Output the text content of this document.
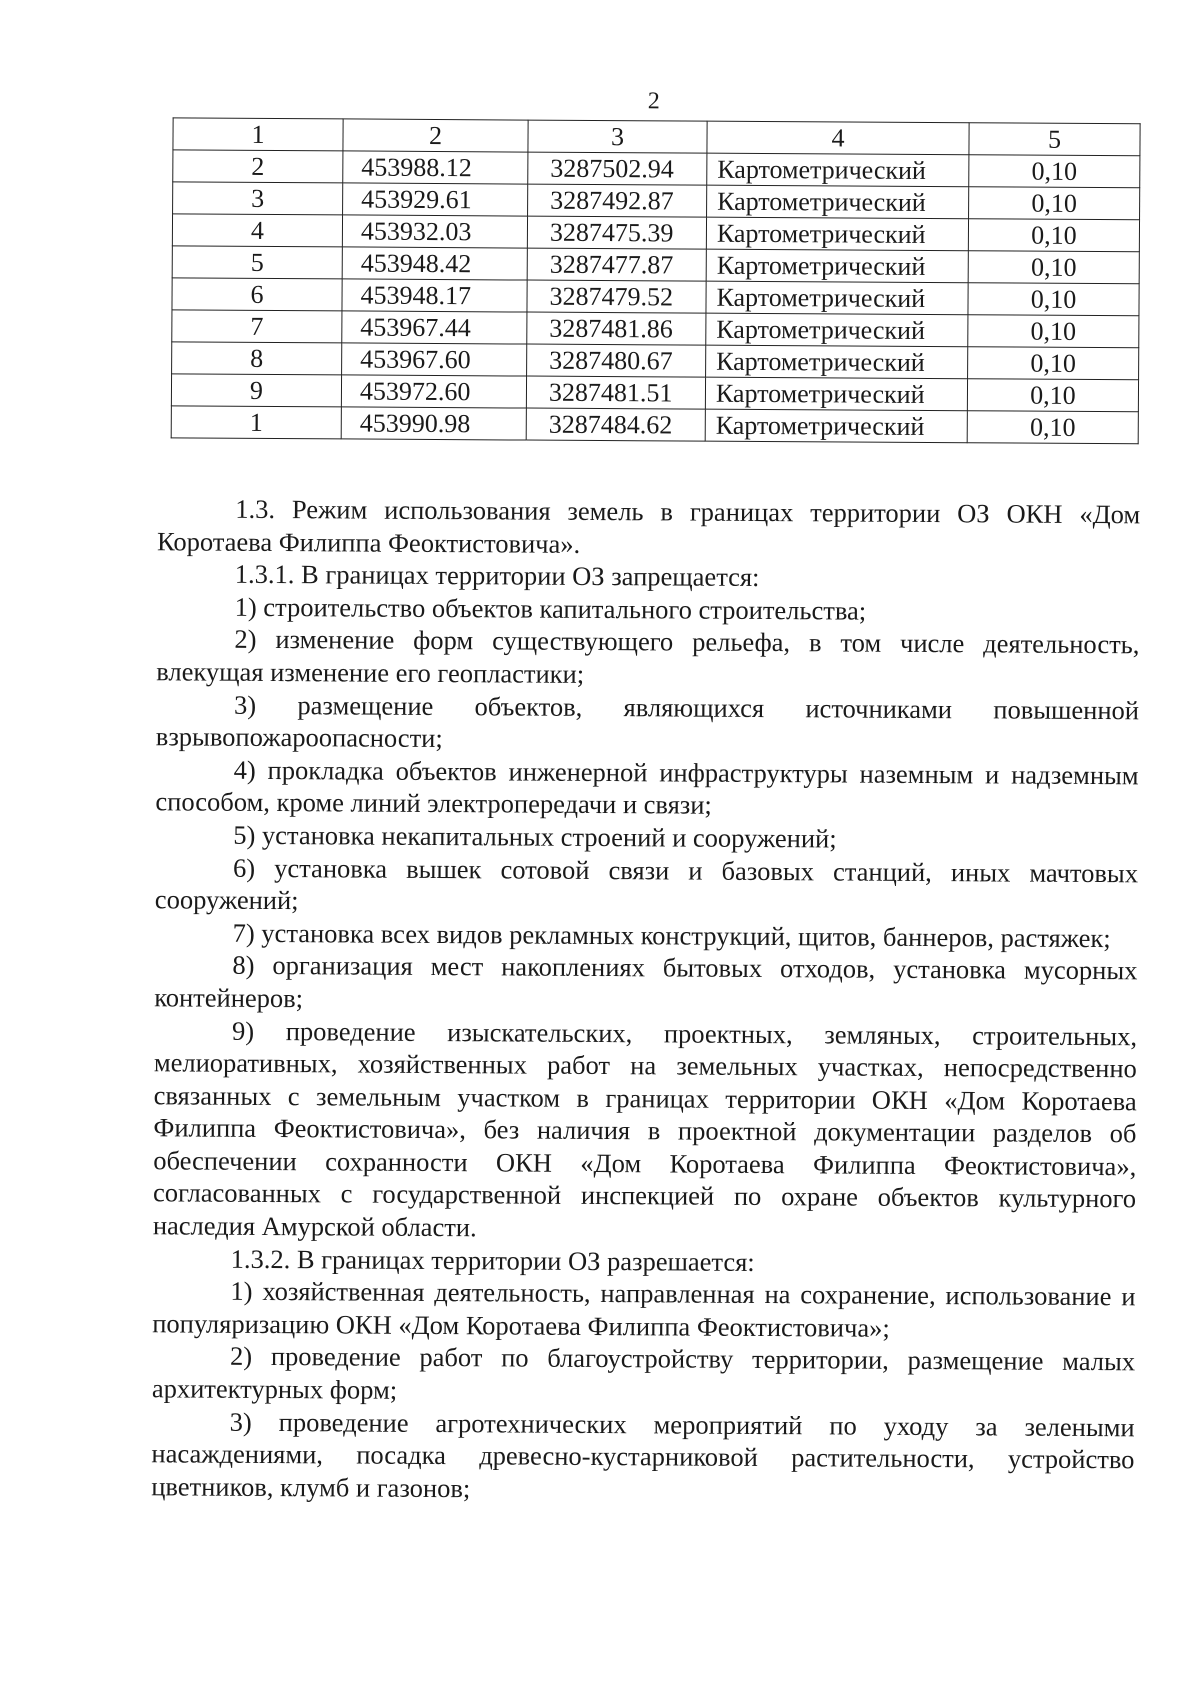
2
1	2	3	4	5
2	453988.12	3287502.94	Картометрический	0,10
3	453929.61	3287492.87	Картометрический	0,10
4	453932.03	3287475.39	Картометрический	0,10
5	453948.42	3287477.87	Картометрический	0,10
6	453948.17	3287479.52	Картометрический	0,10
7	453967.44	3287481.86	Картометрический	0,10
8	453967.60	3287480.67	Картометрический	0,10
9	453972.60	3287481.51	Картометрический	0,10
1	453990.98	3287484.62	Картометрический	0,10

1.3. Режим использования земель в границах территории ОЗ ОКН «Дом Коротаева Филиппа Феоктистовича».

1.3.1. В границах территории ОЗ запрещается:

1) строительство объектов капитального строительства;

2) изменение форм существующего рельефа, в том числе деятельность, влекущая изменение его геопластики;

3) размещение объектов, являющихся источниками повышенной взрывопожароопасности;

4) прокладка объектов инженерной инфраструктуры наземным и надземным способом, кроме линий электропередачи и связи;

5) установка некапитальных строений и сооружений;

6) установка вышек сотовой связи и базовых станций, иных мачтовых сооружений;

7) установка всех видов рекламных конструкций, щитов, баннеров, растяжек;

8) организация мест накоплениях бытовых отходов, установка мусорных контейнеров;

9) проведение изыскательских, проектных, земляных, строительных, мелиоративных, хозяйственных работ на земельных участках, непосредственно связанных с земельным участком в границах территории ОКН «Дом Коротаева Филиппа Феоктистовича», без наличия в проектной документации разделов об обеспечении сохранности ОКН «Дом Коротаева Филиппа Феоктистовича», согласованных с государственной инспекцией по охране объектов культурного наследия Амурской области.

1.3.2. В границах территории ОЗ разрешается:

1) хозяйственная деятельность, направленная на сохранение, использование и популяризацию ОКН «Дом Коротаева Филиппа Феоктистовича»;

2) проведение работ по благоустройству территории, размещение малых архитектурных форм;

3) проведение агротехнических мероприятий по уходу за зелеными насаждениями, посадка древесно-кустарниковой растительности, устройство цветников, клумб и газонов;
